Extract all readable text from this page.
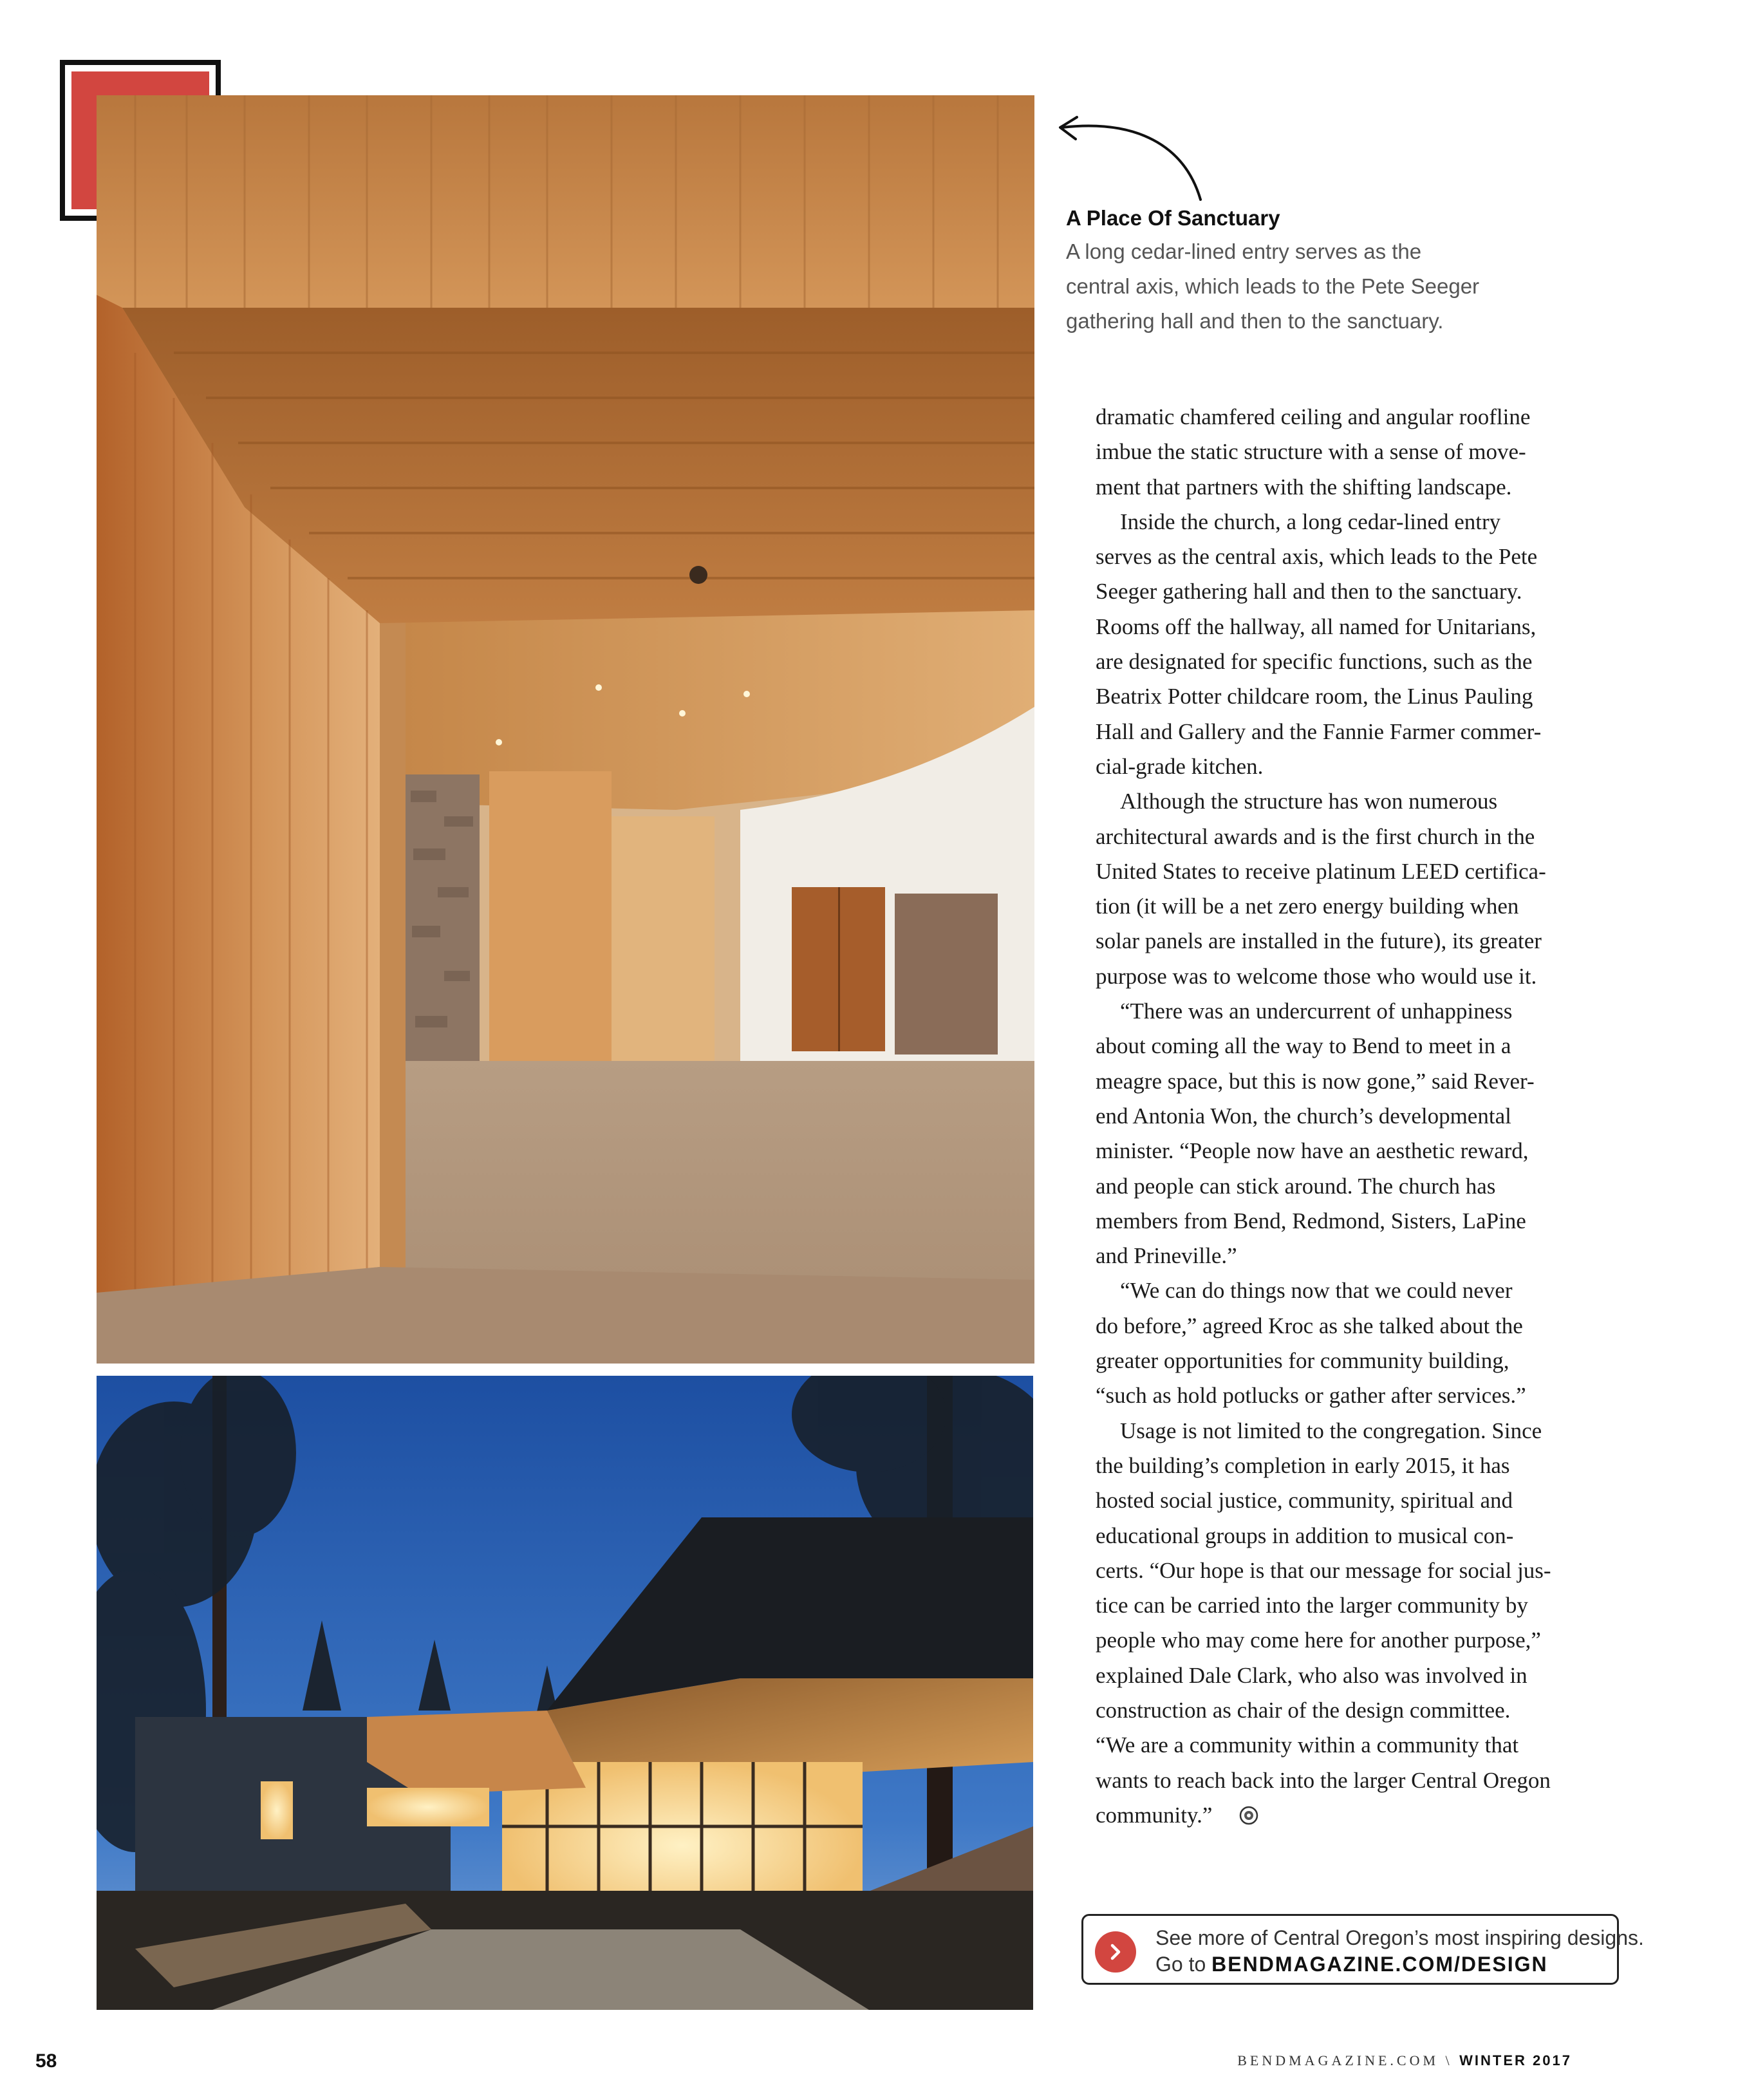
A Place Of Sanctuary

A long cedar-lined entry serves as the
central axis, which leads to the Pete Seeger
gathering hall and then to the sanctuary.

dramatic chamfered ceiling and angular roofline
imbue the static structure with a sense of move-
ment that partners with the shifting landscape.

Inside the church, a long cedar-lined entry
serves as the central axis, which leads to the Pete
Seeger gathering hall and then to the sanctuary.
Rooms off the hallway, all named for Unitarians,
are designated for specific functions, such as the
Beatrix Potter childcare room, the Linus Pauling
Hall and Gallery and the Fannie Farmer commer-
cial-grade kitchen.

Although the structure has won numerous
architectural awards and is the first church in the
United States to receive platinum LEED certifica-
tion (it will be a net zero energy building when
solar panels are installed in the future), its greater
purpose was to welcome those who would use it.

“There was an undercurrent of unhappiness
about coming all the way to Bend to meet in a
meagre space, but this is now gone,” said Rever-
end Antonia Won, the church’s developmental
minister. “People now have an aesthetic reward,
and people can stick around. The church has
members from Bend, Redmond, Sisters, LaPine
and Prineville.”

“We can do things now that we could never
do before,” agreed Kroc as she talked about the
greater opportunities for community building,
“such as hold potlucks or gather after services.”

Usage is not limited to the congregation. Since
the building’s completion in early 2015, it has
hosted social justice, community, spiritual and
educational groups in addition to musical con-
certs. “Our hope is that our message for social jus-
tice can be carried into the larger community by
people who may come here for another purpose,”
explained Dale Clark, who also was involved in
construction as chair of the design committee.
“We are a community within a community that
wants to reach back into the larger Central Oregon
community.”

See more of Central Oregon’s most inspiring designs.
Go to BENDMAGAZINE.COM/DESIGN
58	BENDMAGAZINE.COM \ WINTER 2017
